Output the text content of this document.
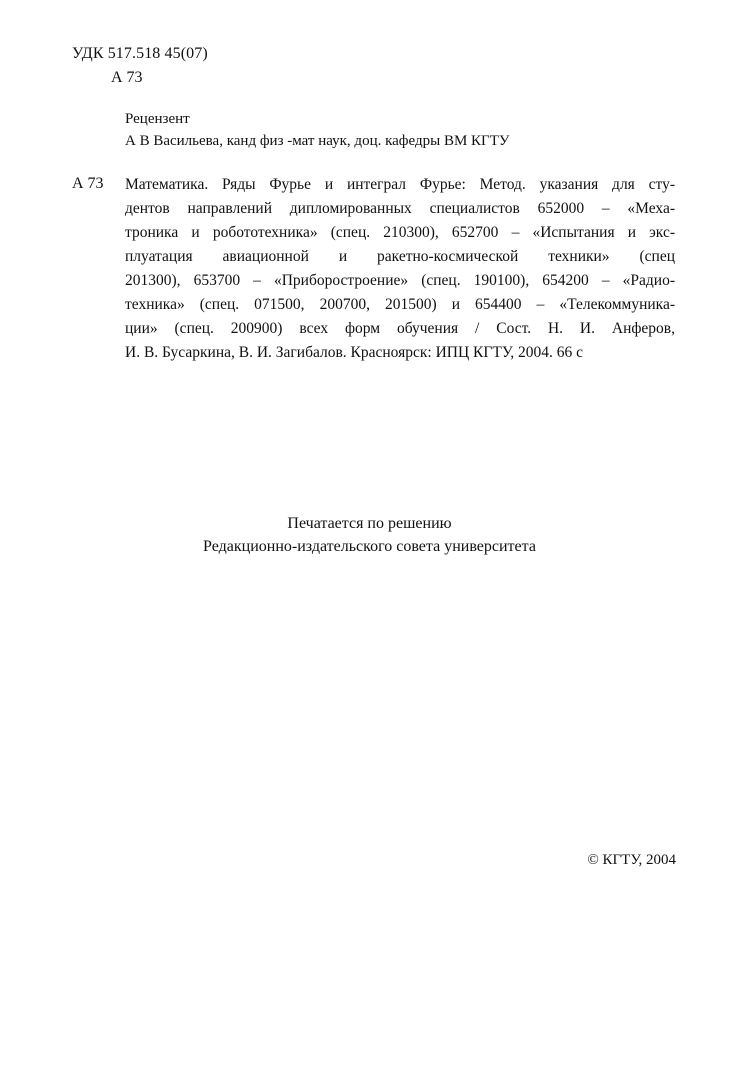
УДК 517.518 45(07)
А 73
Рецензент
А В Васильева, канд физ -мат наук, доц. кафедры ВМ КГТУ
А 73 Математика. Ряды Фурье и интеграл Фурье: Метод. указания для сту-
дентов направлений дипломированных специалистов 652000 – «Меха-
троника и робототехника» (спец. 210300), 652700 – «Испытания и экс-
плуатация авиационной и ракетно-космической техники» (спец
201300), 653700 – «Приборостроение» (спец. 190100), 654200 – «Радио-
техника» (спец. 071500, 200700, 201500) и 654400 – «Телекоммуника-
ции» (спец. 200900) всех форм обучения / Сост. Н. И. Анферов,
И. В. Бусаркина, В. И. Загибалов. Красноярск: ИПЦ КГТУ, 2004. 66 с
Печатается по решению
Редакционно-издательского совета университета
© КГТУ, 2004
